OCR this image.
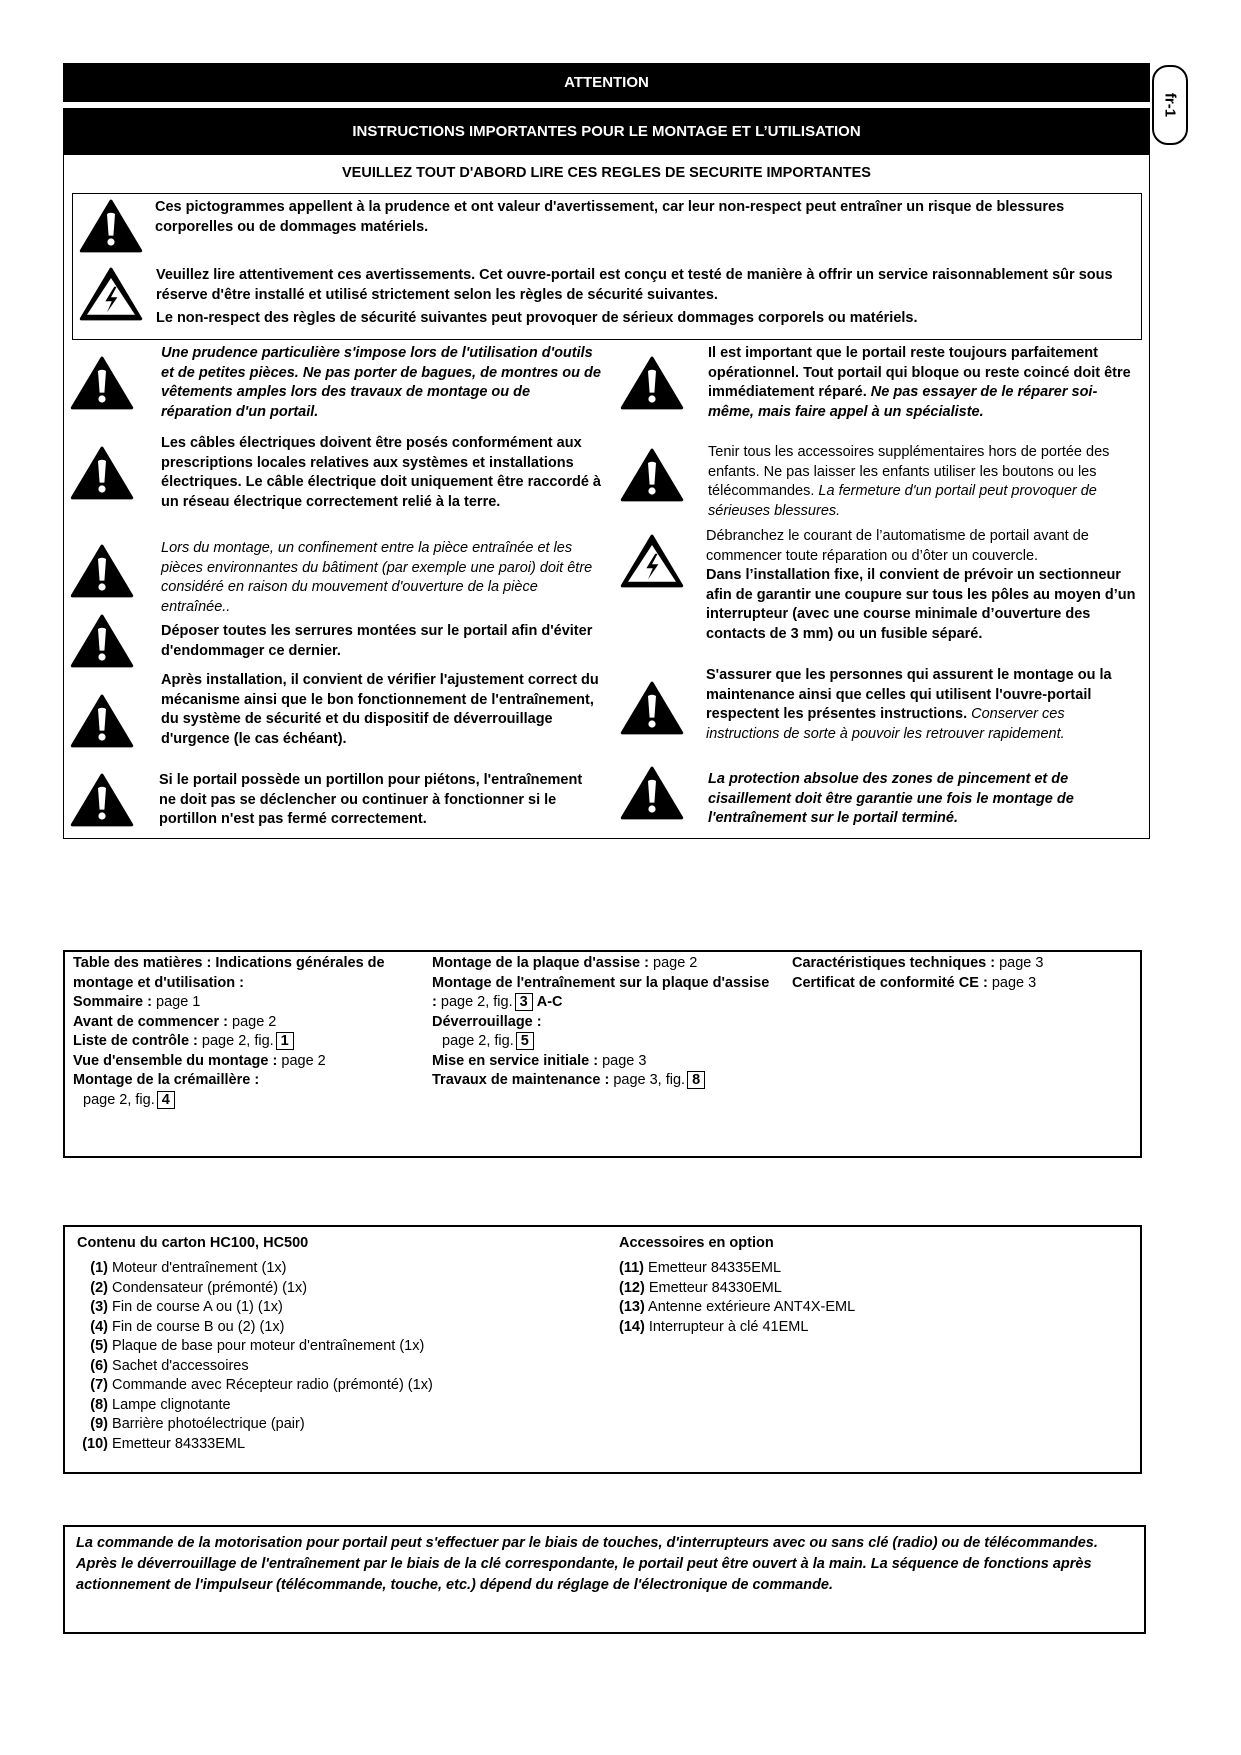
fr-1
ATTENTION
INSTRUCTIONS IMPORTANTES POUR LE MONTAGE ET L’UTILISATION
VEUILLEZ TOUT D'ABORD LIRE CES REGLES DE SECURITE IMPORTANTES
Ces pictogrammes appellent à la prudence et ont valeur d'avertissement, car leur non-respect peut entraîner un risque de blessures corporelles ou de dommages matériels.
Veuillez lire attentivement ces avertissements. Cet ouvre-portail est conçu et testé de manière à offrir un service raisonnablement sûr sous réserve d'être installé et utilisé strictement selon les règles de sécurité suivantes.
Le non-respect des règles de sécurité suivantes peut provoquer de sérieux dommages corporels ou matériels.
Une prudence particulière s'impose lors de l'utilisation d'outils et de petites pièces. Ne pas porter de bagues, de montres ou de vêtements amples lors des travaux de montage ou de réparation d'un portail.
Les câbles électriques doivent être posés conformément aux prescriptions locales relatives aux systèmes et installations électriques. Le câble électrique doit uniquement être raccordé à un réseau électrique correctement relié à la terre.
Lors du montage, un confinement entre la pièce entraînée et les pièces environnantes du bâtiment (par exemple une paroi) doit être considéré en raison du mouvement d'ouverture de la pièce entraînée..
Déposer toutes les serrures montées sur le portail afin d'éviter d'endommager ce dernier.
Après installation, il convient de vérifier l'ajustement correct du mécanisme ainsi que le bon fonctionnement de l'entraînement, du système de sécurité et du dispositif de déverrouillage d'urgence (le cas échéant).
Si le portail possède un portillon pour piétons, l'entraînement ne doit pas se déclencher ou continuer à fonctionner si le portillon n'est pas fermé correctement.
Il est important que le portail reste toujours parfaitement opérationnel. Tout portail qui bloque ou reste coincé doit être immédiatement réparé. Ne pas essayer de le réparer soi-même, mais faire appel à un spécialiste.
Tenir tous les accessoires supplémentaires hors de portée des enfants. Ne pas laisser les enfants utiliser les boutons ou les télécommandes. La fermeture d'un portail peut provoquer de sérieuses blessures.
Débranchez le courant de l’automatisme de portail avant de commencer toute réparation ou d’ôter un couvercle.
Dans l’installation fixe, il convient de prévoir un sectionneur afin de garantir une coupure sur tous les pôles au moyen d’un interrupteur (avec une course minimale d’ouverture des contacts de 3 mm) ou un fusible séparé.
S'assurer que les personnes qui assurent le montage ou la maintenance ainsi que celles qui utilisent l'ouvre-portail respectent les présentes instructions. Conserver ces instructions de sorte à pouvoir les retrouver rapidement.
La protection absolue des zones de pincement et de cisaillement doit être garantie une fois le montage de l'entraînement sur le portail terminé.
Table des matières : Indications générales de montage et d'utilisation :
Sommaire : page 1
Avant de commencer : page 2
Liste de contrôle : page 2, fig. 1
Vue d'ensemble du montage : page 2
Montage de la crémaillère :
page 2, fig. 4
Montage de la plaque d'assise : page 2
Montage de l'entraînement sur la plaque d'assise : page 2, fig. 3 A-C
Déverrouillage :
page 2, fig. 5
Mise en service initiale : page 3
Travaux de maintenance : page 3, fig. 8
Caractéristiques techniques : page 3
Certificat de conformité CE : page 3
Contenu du carton HC100, HC500
(1) Moteur d'entraînement (1x)
(2) Condensateur (prémonté) (1x)
(3) Fin de course A ou (1) (1x)
(4) Fin de course B ou (2) (1x)
(5) Plaque de base pour moteur d'entraînement (1x)
(6) Sachet d'accessoires
(7) Commande avec Récepteur radio (prémonté) (1x)
(8) Lampe clignotante
(9) Barrière photoélectrique (pair)
(10) Emetteur 84333EML
Accessoires en option
(11) Emetteur 84335EML
(12) Emetteur 84330EML
(13) Antenne extérieure ANT4X-EML
(14) Interrupteur à clé 41EML
La commande de la motorisation pour portail peut s'effectuer par le biais de touches, d'interrupteurs avec ou sans clé (radio) ou de télécommandes. Après le déverrouillage de l'entraînement par le biais de la clé correspondante, le portail peut être ouvert à la main. La séquence de fonctions après actionnement de l'impulseur (télécommande, touche, etc.) dépend du réglage de l'électronique de commande.
